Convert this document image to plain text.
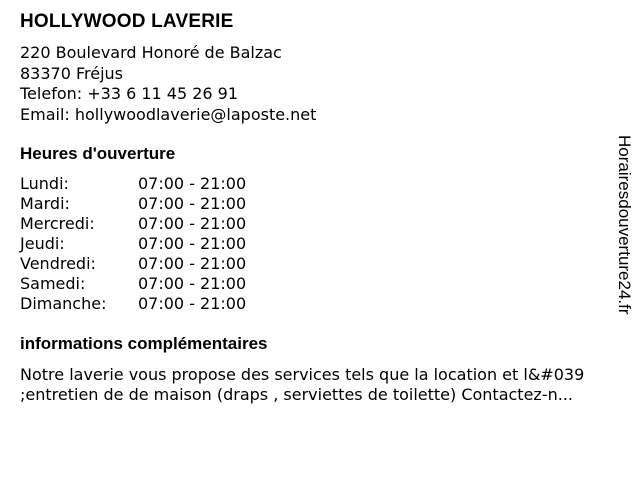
HOLLYWOOD LAVERIE
220 Boulevard Honoré de Balzac
83370 Fréjus
Telefon: +33 6 11 45 26 91
Email: hollywoodlaverie@laposte.net
Heures d'ouverture
Lundi:	07:00 - 21:00
Mardi:	07:00 - 21:00
Mercredi:	07:00 - 21:00
Jeudi:	07:00 - 21:00
Vendredi:	07:00 - 21:00
Samedi:	07:00 - 21:00
Dimanche: 07:00 - 21:00
informations complémentaires
Notre laverie vous propose des services tels que la location et l&#039
;entretien de de maison (draps , serviettes de toilette) Contactez-n...
Horairesdouverture24.fr
